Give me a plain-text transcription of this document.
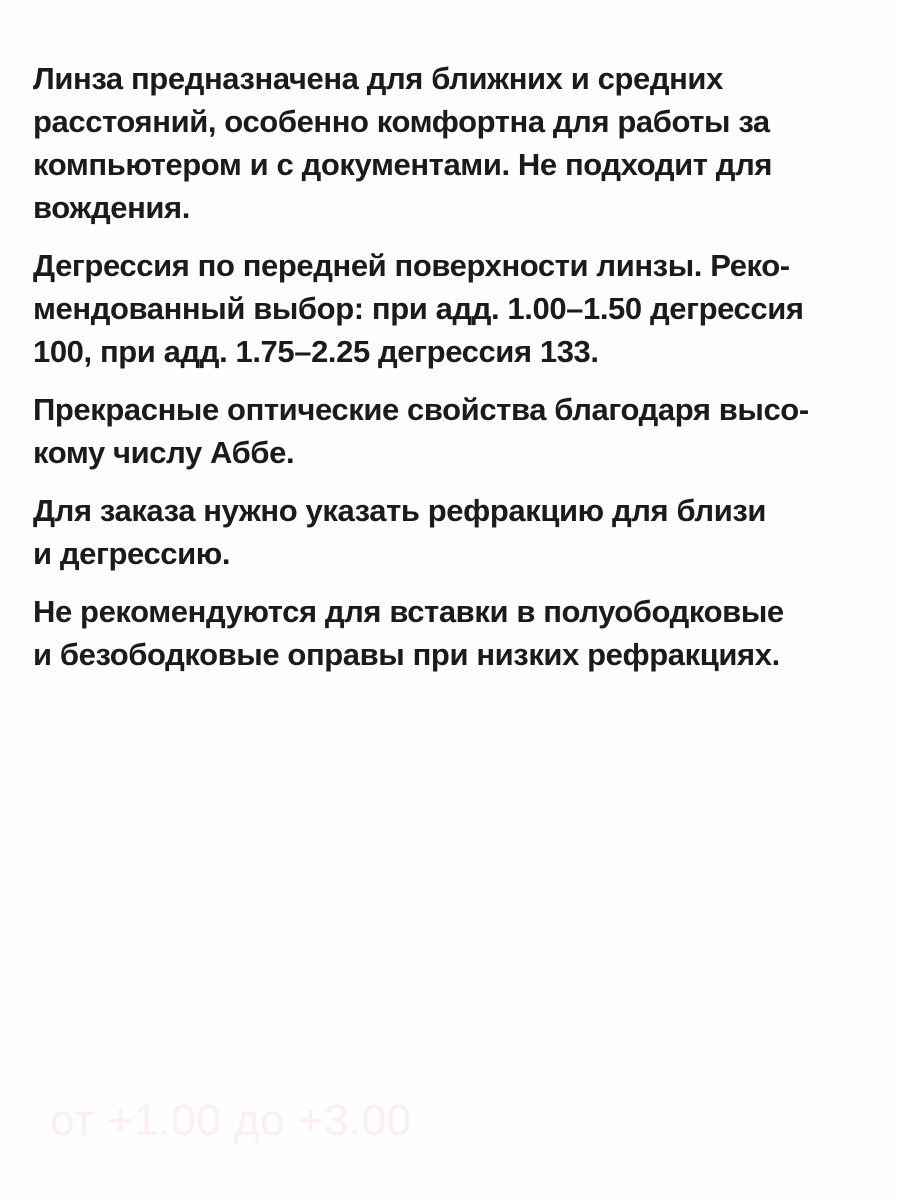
Линза предназначена для ближних и средних
расстояний, особенно комфортна для работы за
компьютером и с документами. Не подходит для
вождения.

Дегрессия по передней поверхности линзы. Реко-
мендованный выбор: при адд. 1.00–1.50 дегрессия
100, при адд. 1.75–2.25 дегрессия 133.

Прекрасные оптические свойства благодаря высо-
кому числу Аббе.

Для заказа нужно указать рефракцию для близи
и дегрессию.

Не рекомендуются для вставки в полуободковые
и безободковые оправы при низких рефракциях.

от +1.00 до +3.00
